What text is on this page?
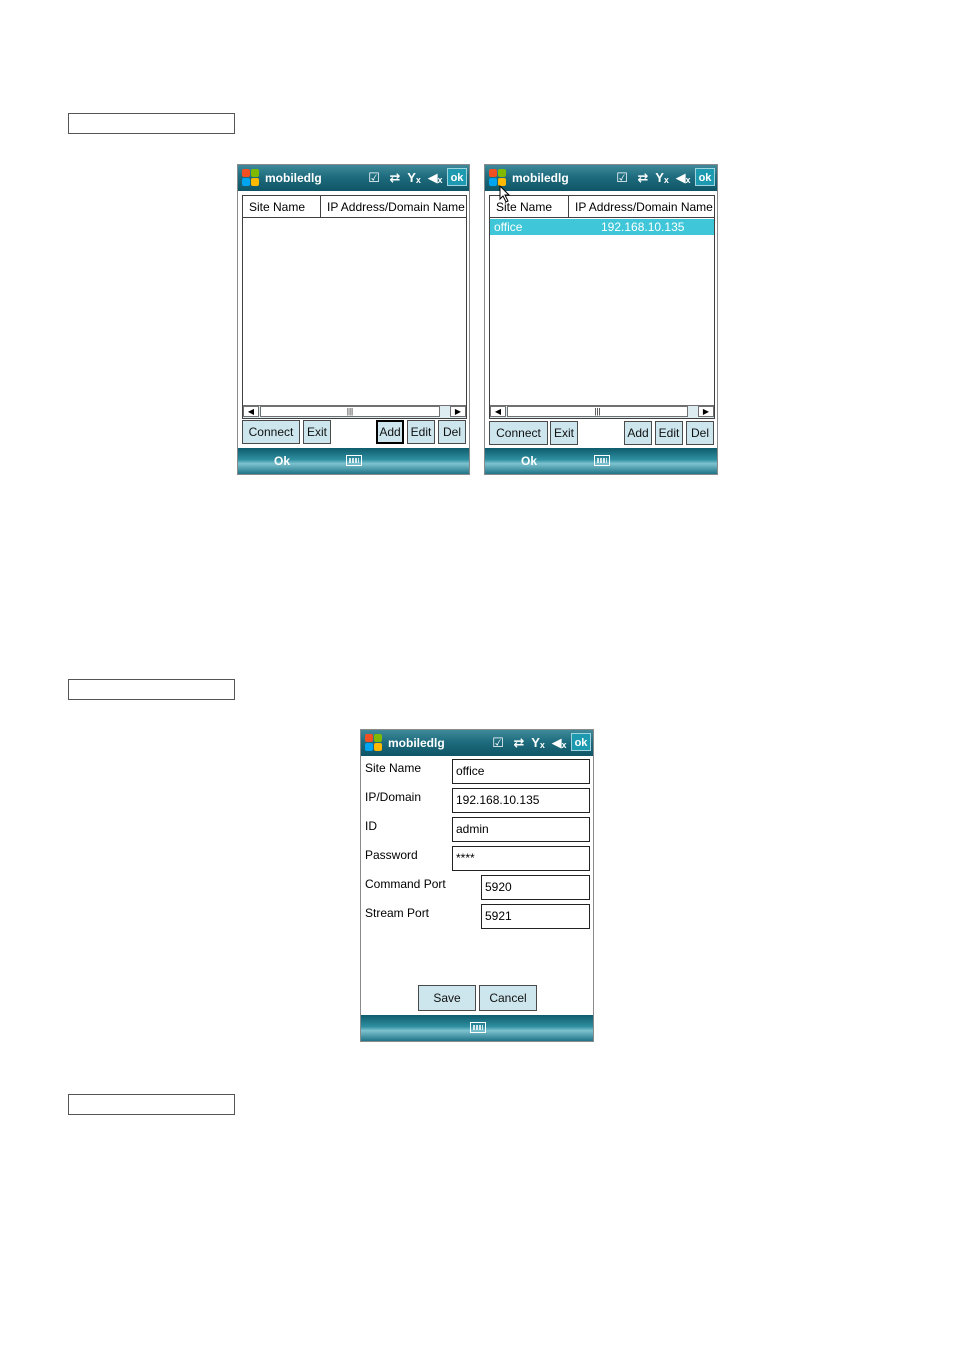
mobiledlg	☑ ⇄ Yₓ ◀ₓ ok
Site Name	IP Address/Domain Name
◀	|||	▶
Connect	Exit	Add Edit Del
Ok
mobiledlg	☑ ⇄ Yₓ ◀ₓ ok
Site Name	IP Address/Domain Name
office	192.168.10.135
◀	|||	▶
Connect	Exit	Add Edit Del
Ok
mobiledlg	☑ ⇄ Yₓ ◀ₓ ok
Site Name	office
IP/Domain	192.168.10.135
ID	admin
Password	****
Command Port	5920
Stream Port	5921
Save	Cancel
